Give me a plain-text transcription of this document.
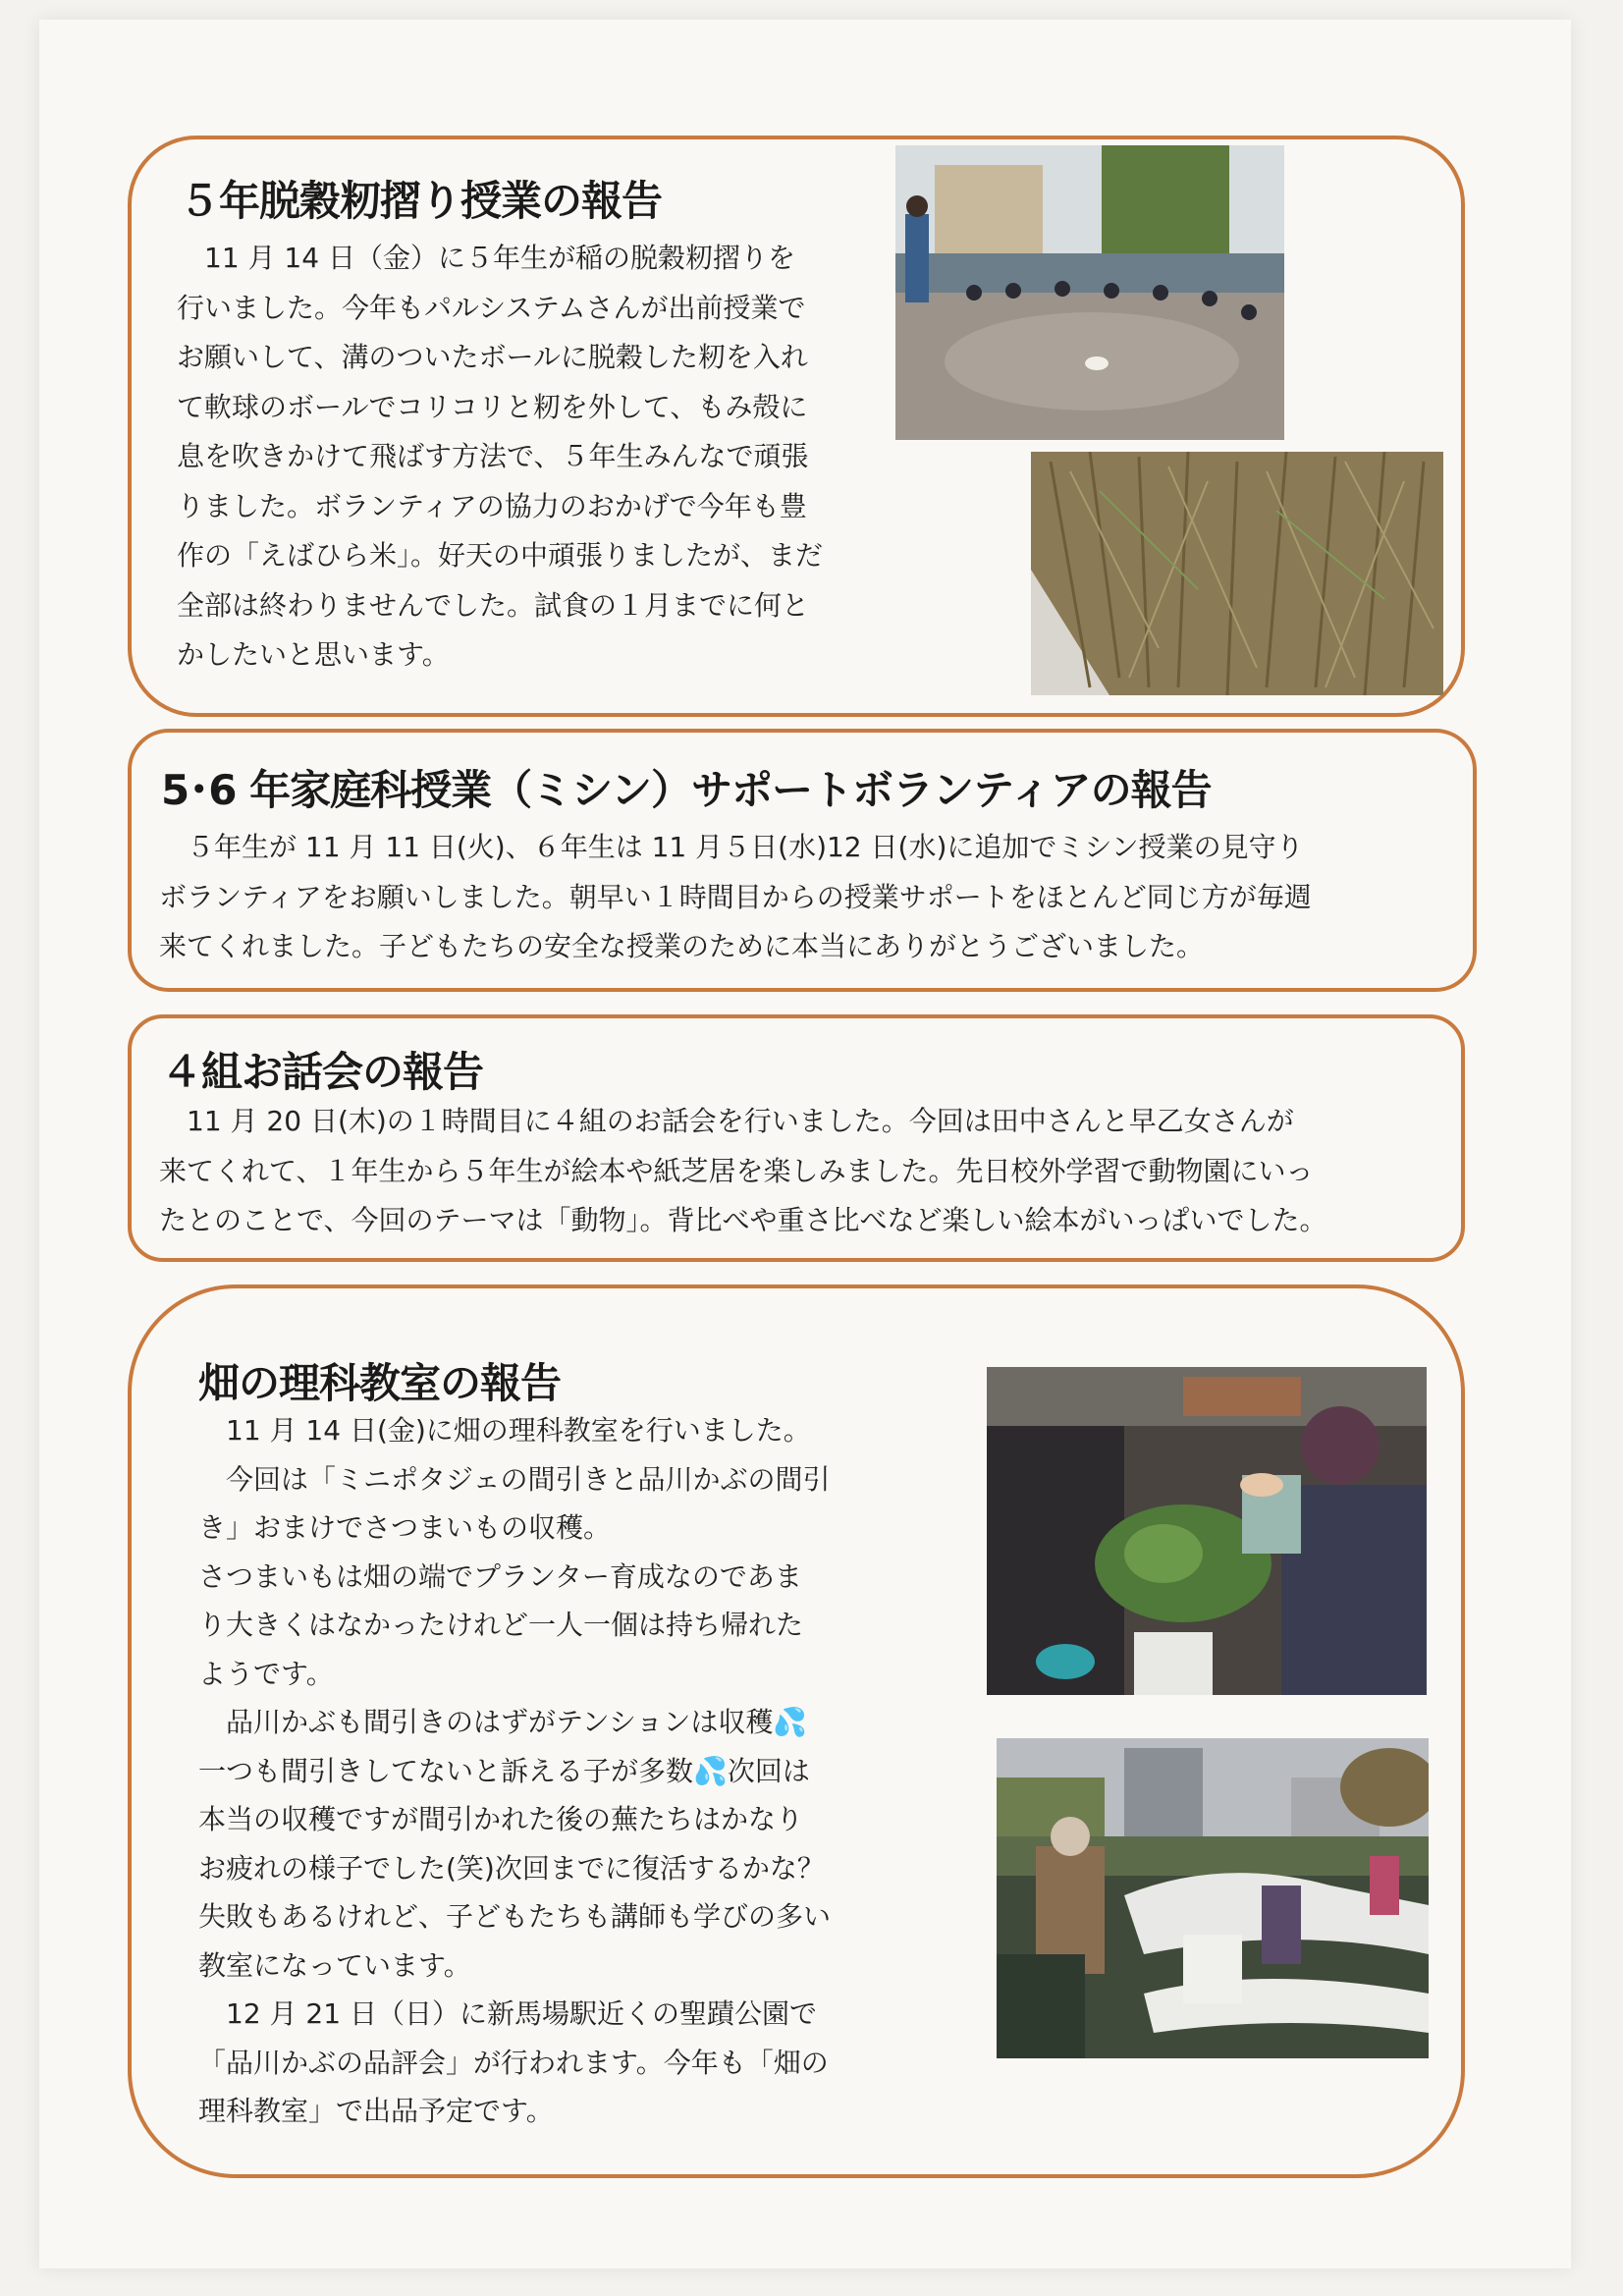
５年脱穀籾摺り授業の報告

　11 月 14 日（金）に５年生が稲の脱穀籾摺りを

行いました。今年もパルシステムさんが出前授業で

お願いして、溝のついたボールに脱穀した籾を入れ

て軟球のボールでコリコリと籾を外して、もみ殻に

息を吹きかけて飛ばす方法で、５年生みんなで頑張

りました。ボランティアの協力のおかげで今年も豊

作の「えばひら米」。好天の中頑張りましたが、まだ

全部は終わりませんでした。試食の１月までに何と

かしたいと思います。

5･6 年家庭科授業（ミシン）サポートボランティアの報告

　５年生が 11 月 11 日(火)、６年生は 11 月５日(水)12 日(水)に追加でミシン授業の見守り

ボランティアをお願いしました。朝早い１時間目からの授業サポートをほとんど同じ方が毎週

来てくれました。子どもたちの安全な授業のために本当にありがとうございました。

４組お話会の報告

　11 月 20 日(木)の１時間目に４組のお話会を行いました。今回は田中さんと早乙女さんが

来てくれて、１年生から５年生が絵本や紙芝居を楽しみました。先日校外学習で動物園にいっ

たとのことで、今回のテーマは「動物」。背比べや重さ比べなど楽しい絵本がいっぱいでした。

畑の理科教室の報告

　11 月 14 日(金)に畑の理科教室を行いました。

　今回は「ミニポタジェの間引きと品川かぶの間引

き」おまけでさつまいもの収穫。

さつまいもは畑の端でプランター育成なのであま

り大きくはなかったけれど一人一個は持ち帰れた

ようです。

　品川かぶも間引きのはずがテンションは収穫💦

一つも間引きしてないと訴える子が多数💦次回は

本当の収穫ですが間引かれた後の蕪たちはかなり

お疲れの様子でした(笑)次回までに復活するかな？

失敗もあるけれど、子どもたちも講師も学びの多い

教室になっています。

　12 月 21 日（日）に新馬場駅近くの聖蹟公園で

「品川かぶの品評会」が行われます。今年も「畑の

理科教室」で出品予定です。
